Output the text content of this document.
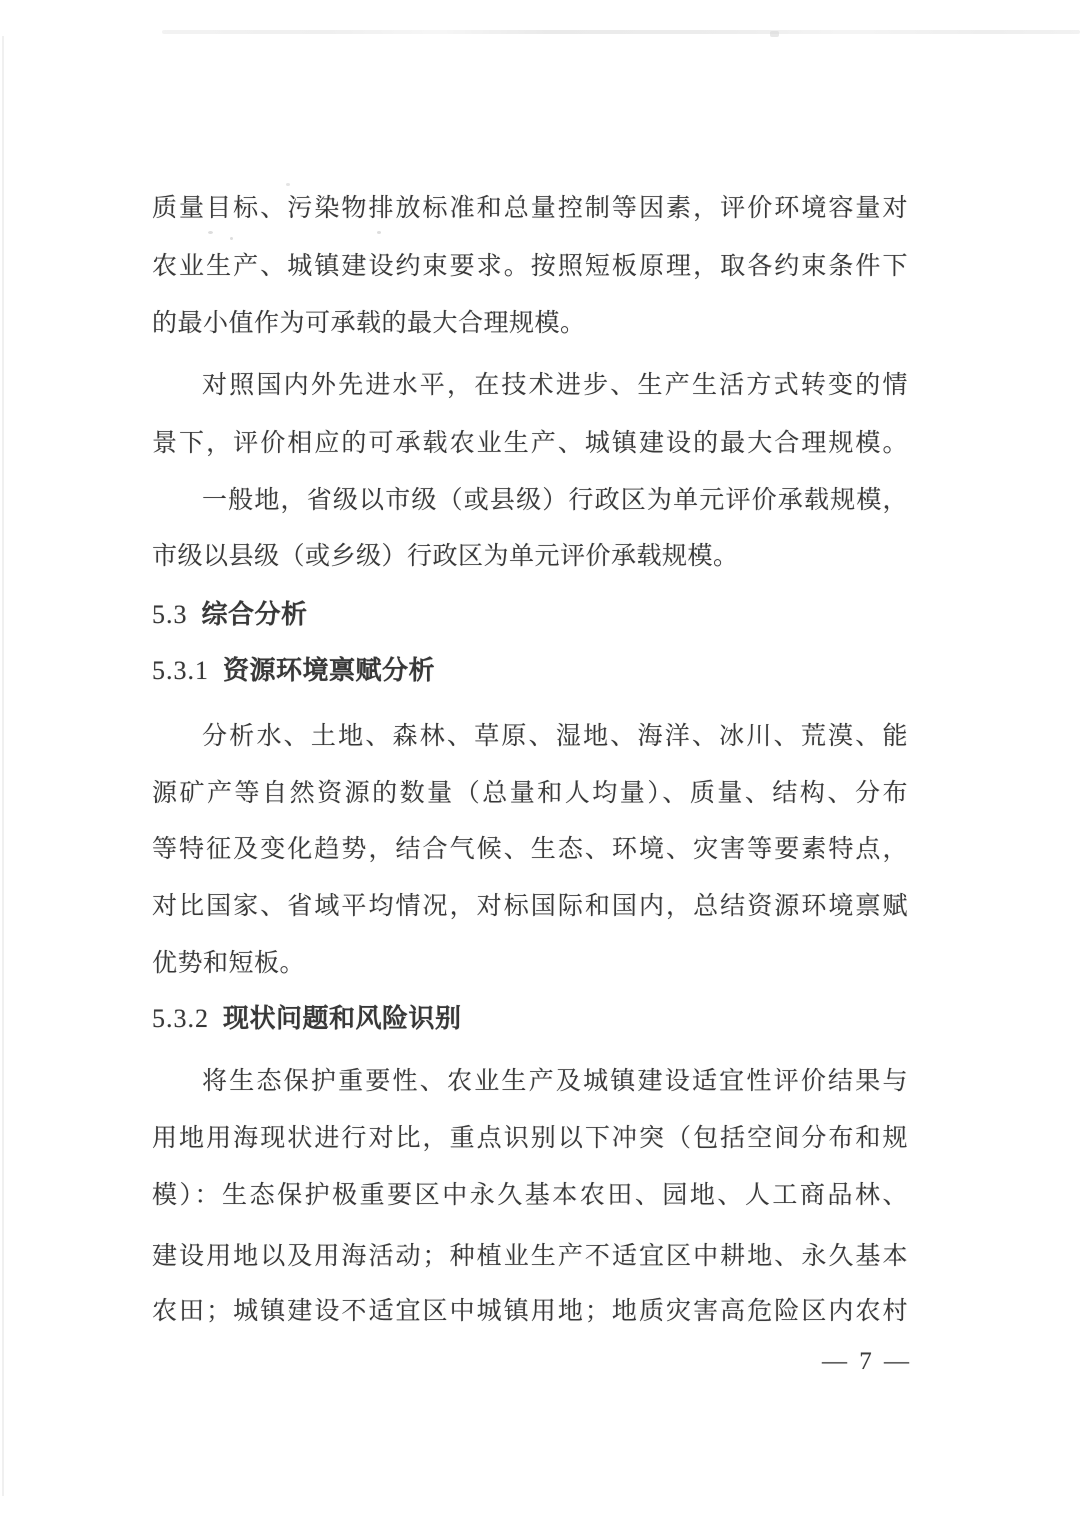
质量目标、污染物排放标准和总量控制等因素，评价环境容量对
农业生产、城镇建设约束要求。按照短板原理，取各约束条件下
的最小值作为可承载的最大合理规模。
对照国内外先进水平，在技术进步、生产生活方式转变的情
景下，评价相应的可承载农业生产、城镇建设的最大合理规模。
一般地，省级以市级（或县级）行政区为单元评价承载规模，
市级以县级（或乡级）行政区为单元评价承载规模。
5.3 综合分析
5.3.1 资源环境禀赋分析
分析水、土地、森林、草原、湿地、海洋、冰川、荒漠、能
源矿产等自然资源的数量（总量和人均量）、质量、结构、分布
等特征及变化趋势，结合气候、生态、环境、灾害等要素特点，
对比国家、省域平均情况，对标国际和国内，总结资源环境禀赋
优势和短板。
5.3.2 现状问题和风险识别
将生态保护重要性、农业生产及城镇建设适宜性评价结果与
用地用海现状进行对比，重点识别以下冲突（包括空间分布和规
模）：生态保护极重要区中永久基本农田、园地、人工商品林、
建设用地以及用海活动；种植业生产不适宜区中耕地、永久基本
农田；城镇建设不适宜区中城镇用地；地质灾害高危险区内农村
— 7 —
